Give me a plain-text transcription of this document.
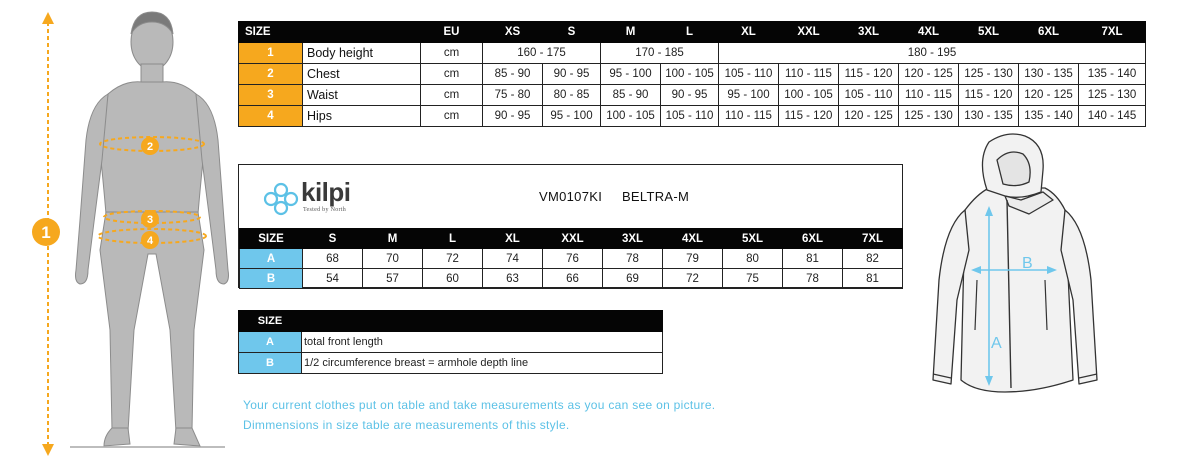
1
2
3
4
SIZE		EU	XS	S	M	L	XL	XXL	3XL	4XL	5XL	6XL	7XL
1	Body height	cm	160 - 175		170 - 185		180 - 195						
2	Chest	cm	85 - 90	90 - 95	95 - 100	100 - 105	105 - 110	110 - 115	115 - 120	120 - 125	125 - 130	130 - 135	135 - 140
3	Waist	cm	75 - 80	80 - 85	85 - 90	90 - 95	95 - 100	100 - 105	105 - 110	110 - 115	115 - 120	120 - 125	125 - 130
4	Hips	cm	90 - 95	95 - 100	100 - 105	105 - 110	110 - 115	115 - 120	120 - 125	125 - 130	130 - 135	135 - 140	140 - 145
kilpi
Tested by North
VM0107KI BELTRA-M
SIZE	S	M	L	XL	XXL	3XL	4XL	5XL	6XL	7XL
A	68	70	72	74	76	78	79	80	81	82
B	54	57	60	63	66	69	72	75	78	81
SIZE	
A	total front length
B	1/2 circumference breast = armhole depth line
Your current clothes put on table and take measurements as you can see on picture.
Dimmensions in size table are measurements of this style.
A
B
